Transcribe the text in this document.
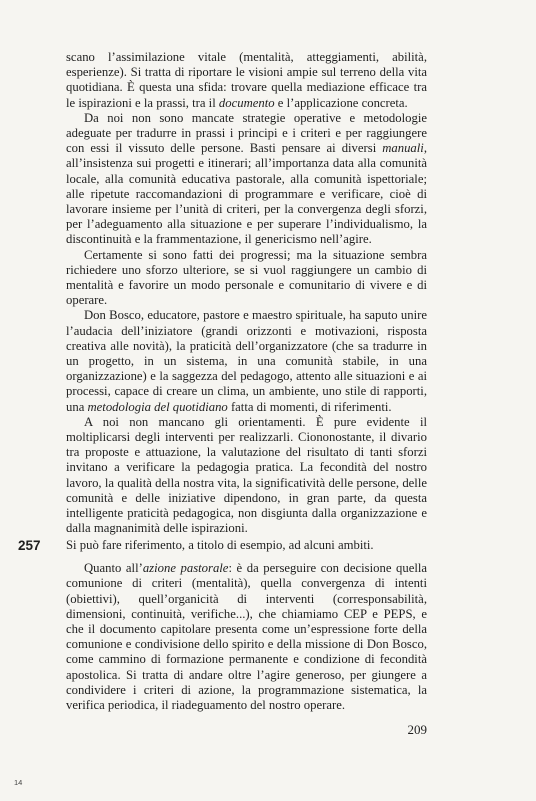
scano l’assimilazione vitale (mentalità, atteggiamenti, abilità, esperienze). Si tratta di riportare le visioni ampie sul terreno della vita quotidiana. È questa una sfida: trovare quella mediazione efficace tra le ispirazioni e la prassi, tra il documento e l’applicazione concreta.

Da noi non sono mancate strategie operative e metodologie adeguate per tradurre in prassi i principi e i criteri e per raggiungere con essi il vissuto delle persone. Basti pensare ai diversi manuali, all’insistenza sui progetti e itinerari; all’importanza data alla comunità locale, alla comunità educativa pastorale, alla comunità ispettoriale; alle ripetute raccomandazioni di programmare e verificare, cioè di lavorare insieme per l’unità di criteri, per la convergenza degli sforzi, per l’adeguamento alla situazione e per superare l’individualismo, la discontinuità e la frammentazione, il genericismo nell’agire.

Certamente si sono fatti dei progressi; ma la situazione sembra richiedere uno sforzo ulteriore, se si vuol raggiungere un cambio di mentalità e favorire un modo personale e comunitario di vivere e di operare.

Don Bosco, educatore, pastore e maestro spirituale, ha saputo unire l’audacia dell’iniziatore (grandi orizzonti e motivazioni, risposta creativa alle novità), la praticità dell’organizzatore (che sa tradurre in un progetto, in un sistema, in una comunità stabile, in una organizzazione) e la saggezza del pedagogo, attento alle situazioni e ai processi, capace di creare un clima, un ambiente, uno stile di rapporti, una metodologia del quotidiano fatta di momenti, di riferimenti.

A noi non mancano gli orientamenti. È pure evidente il moltiplicarsi degli interventi per realizzarli. Ciononostante, il divario tra proposte e attuazione, la valutazione del risultato di tanti sforzi invitano a verificare la pedagogia pratica. La fecondità del nostro lavoro, la qualità della nostra vita, la significatività delle persone, delle comunità e delle iniziative dipendono, in gran parte, da questa intelligente praticità pedagogica, non disgiunta dalla organizzazione e dalla magnanimità delle ispirazioni.

257 Si può fare riferimento, a titolo di esempio, ad alcuni ambiti.

Quanto all’azione pastorale: è da perseguire con decisione quella comunione di criteri (mentalità), quella convergenza di intenti (obiettivi), quell’organicità di interventi (corresponsabilità, dimensioni, continuità, verifiche...), che chiamiamo CEP e PEPS, e che il documento capitolare presenta come un’espressione forte della comunione e condivisione dello spirito e della missione di Don Bosco, come cammino di formazione permanente e condizione di fecondità apostolica. Si tratta di andare oltre l’agire generoso, per giungere a condividere i criteri di azione, la programmazione sistematica, la verifica periodica, il riadeguamento del nostro operare.

209
14
